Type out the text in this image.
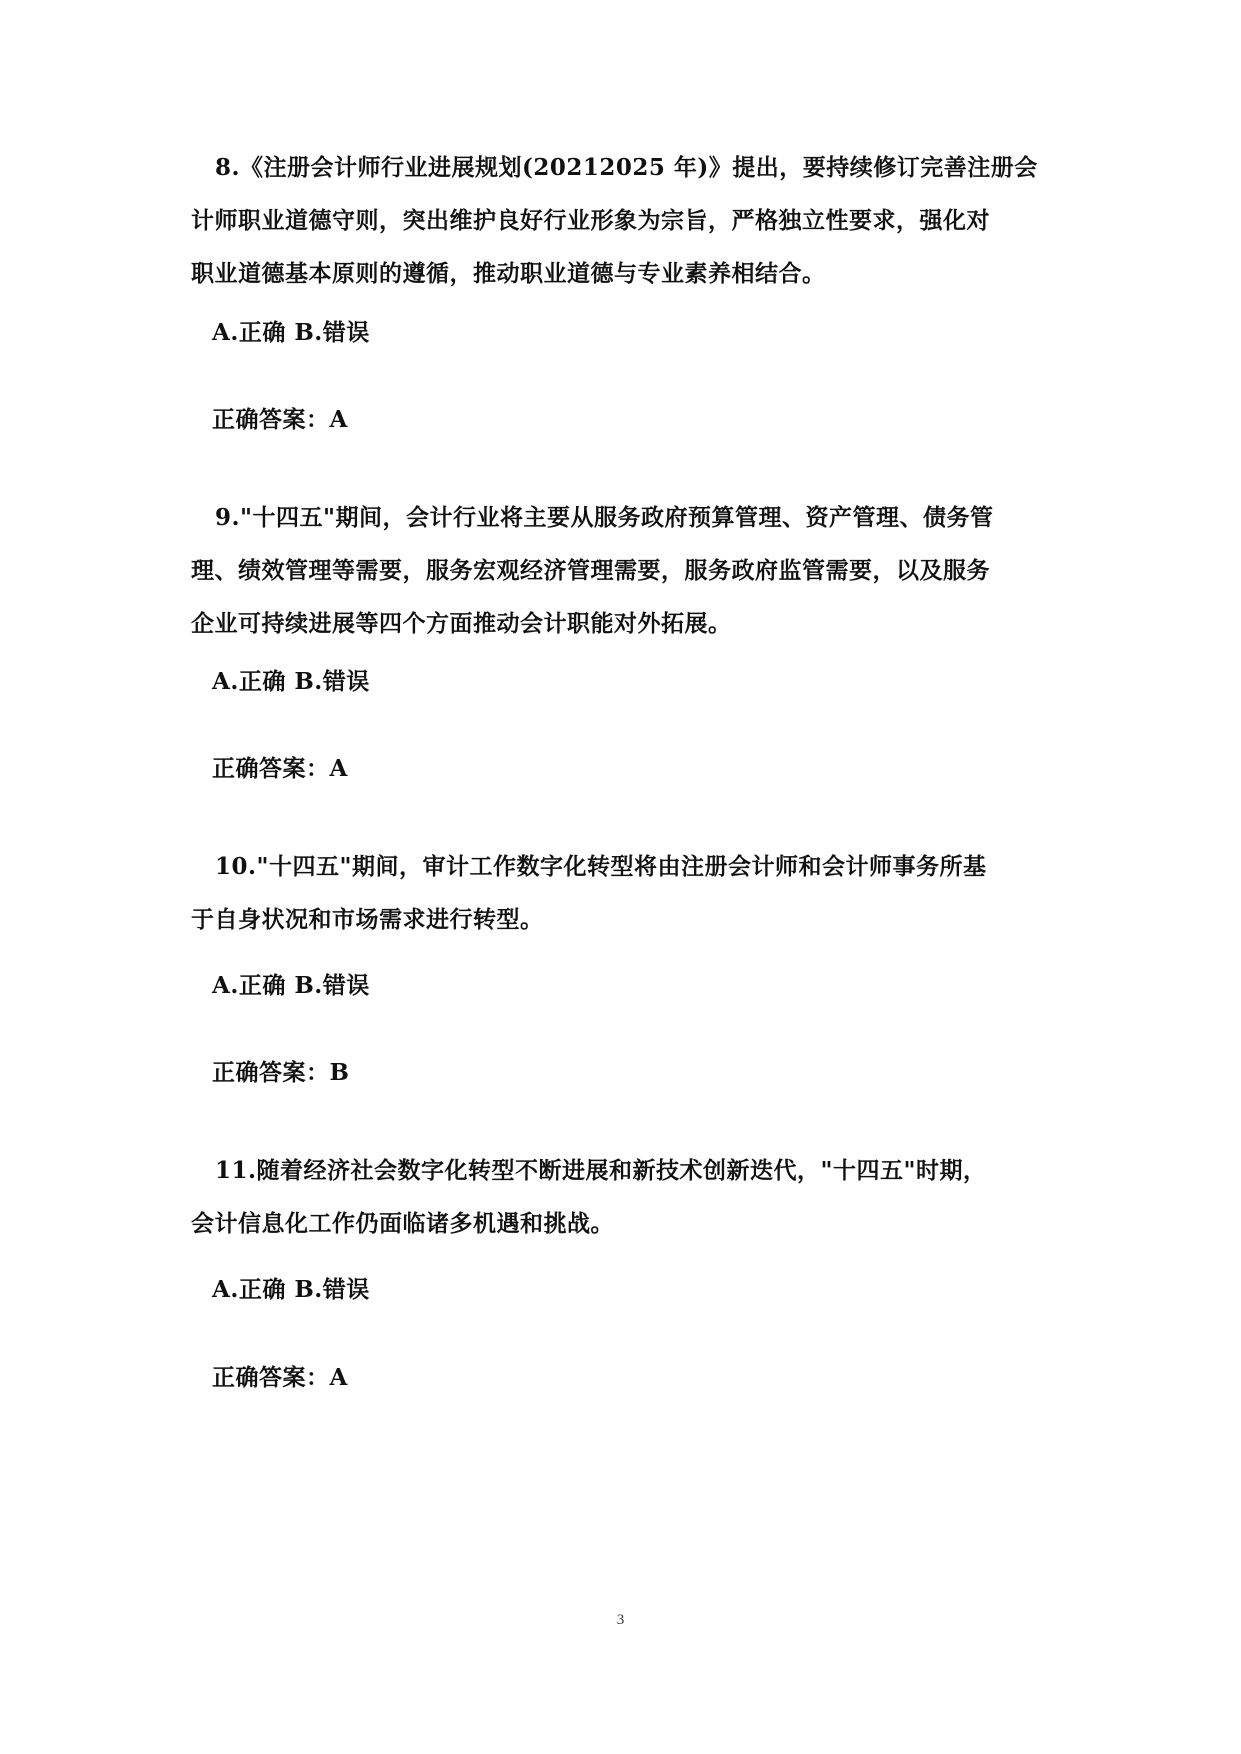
8.《注册会计师行业进展规划(20212025 年)》提出，要持续修订完善注册会
计师职业道德守则，突出维护良好行业形象为宗旨，严格独立性要求，强化对
职业道德基本原则的遵循，推动职业道德与专业素养相结合。
A.正确 B.错误
正确答案：A
9."十四五"期间，会计行业将主要从服务政府预算管理、资产管理、债务管
理、绩效管理等需要，服务宏观经济管理需要，服务政府监管需要，以及服务
企业可持续进展等四个方面推动会计职能对外拓展。
A.正确 B.错误
正确答案：A
10."十四五"期间，审计工作数字化转型将由注册会计师和会计师事务所基
于自身状况和市场需求进行转型。
A.正确 B.错误
正确答案：B
11.随着经济社会数字化转型不断进展和新技术创新迭代，"十四五"时期，
会计信息化工作仍面临诸多机遇和挑战。
A.正确 B.错误
正确答案：A
3
